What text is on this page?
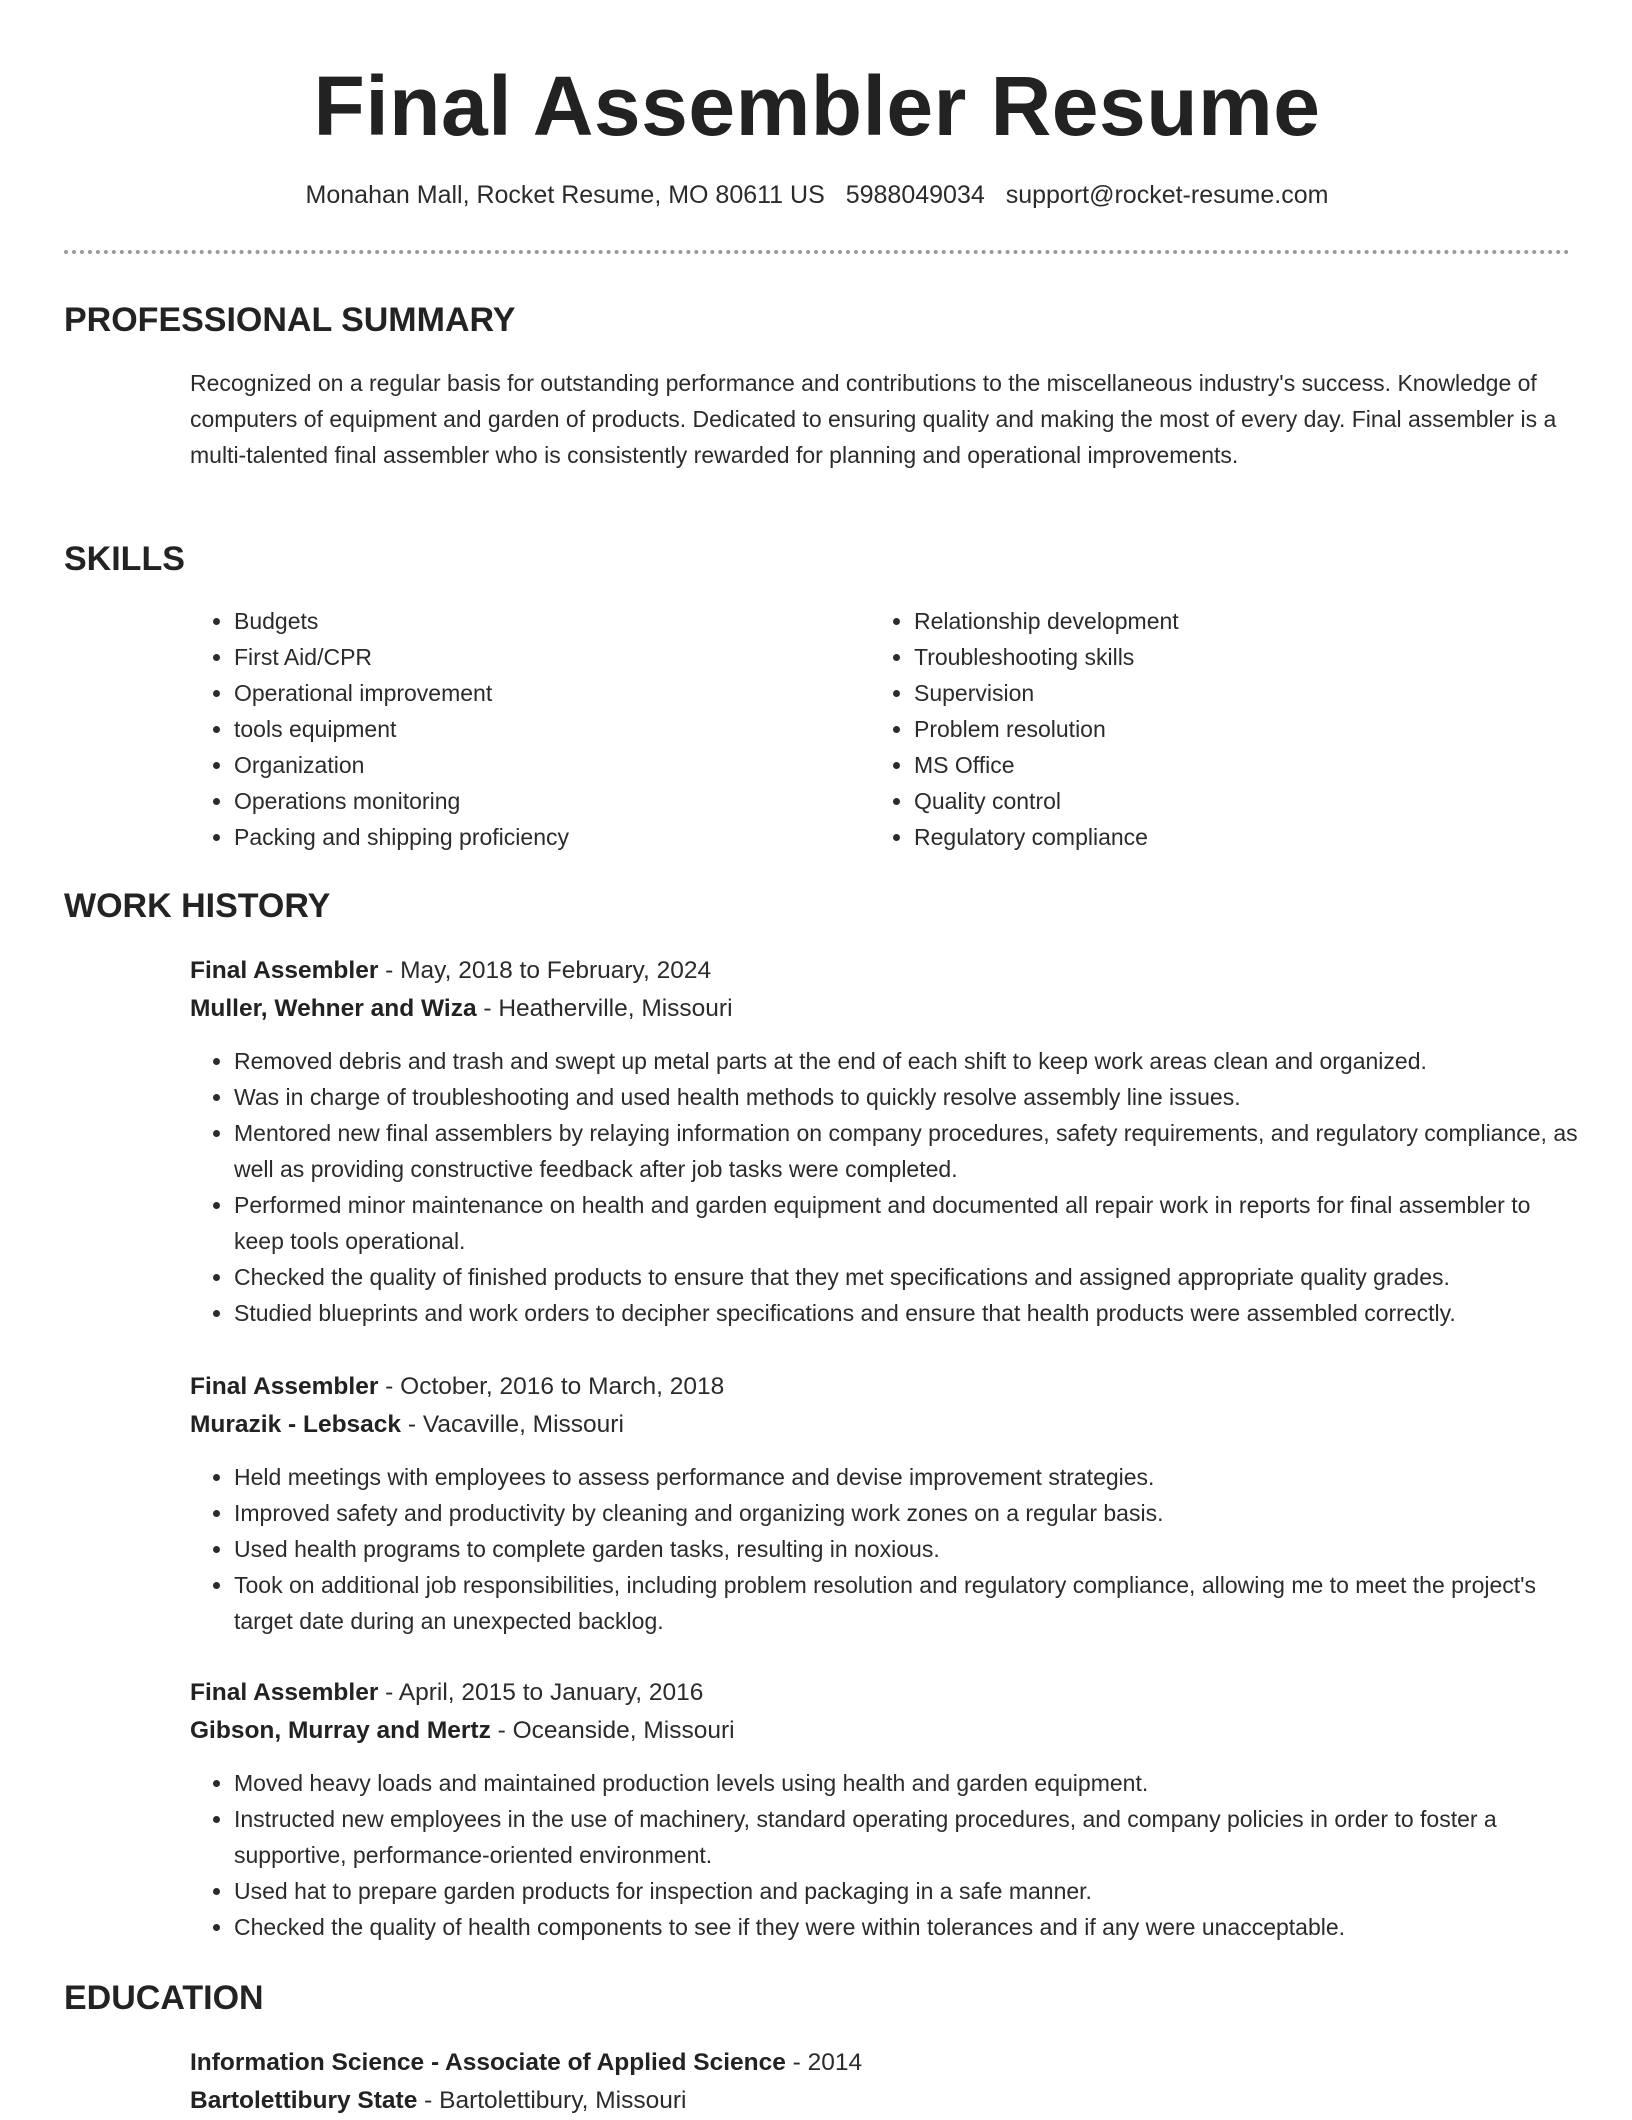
Final Assembler Resume
Monahan Mall, Rocket Resume, MO 80611 US 5988049034 support@rocket-resume.com
PROFESSIONAL SUMMARY

Recognized on a regular basis for outstanding performance and contributions to the miscellaneous industry's success. Knowledge of computers of equipment and garden of products. Dedicated to ensuring quality and making the most of every day. Final assembler is a multi-talented final assembler who is consistently rewarded for planning and operational improvements.

SKILLS
• Budgets
• First Aid/CPR
• Operational improvement
• tools equipment
• Organization
• Operations monitoring
• Packing and shipping proficiency
• Relationship development
• Troubleshooting skills
• Supervision
• Problem resolution
• MS Office
• Quality control
• Regulatory compliance
WORK HISTORY
Final Assembler - May, 2018 to February, 2024
Muller, Wehner and Wiza - Heatherville, Missouri
• Removed debris and trash and swept up metal parts at the end of each shift to keep work areas clean and organized.
• Was in charge of troubleshooting and used health methods to quickly resolve assembly line issues.
• Mentored new final assemblers by relaying information on company procedures, safety requirements, and regulatory compliance, as well as providing constructive feedback after job tasks were completed.
• Performed minor maintenance on health and garden equipment and documented all repair work in reports for final assembler to keep tools operational.
• Checked the quality of finished products to ensure that they met specifications and assigned appropriate quality grades.
• Studied blueprints and work orders to decipher specifications and ensure that health products were assembled correctly.
Final Assembler - October, 2016 to March, 2018
Murazik - Lebsack - Vacaville, Missouri
• Held meetings with employees to assess performance and devise improvement strategies.
• Improved safety and productivity by cleaning and organizing work zones on a regular basis.
• Used health programs to complete garden tasks, resulting in noxious.
• Took on additional job responsibilities, including problem resolution and regulatory compliance, allowing me to meet the project's target date during an unexpected backlog.
Final Assembler - April, 2015 to January, 2016
Gibson, Murray and Mertz - Oceanside, Missouri
• Moved heavy loads and maintained production levels using health and garden equipment.
• Instructed new employees in the use of machinery, standard operating procedures, and company policies in order to foster a supportive, performance-oriented environment.
• Used hat to prepare garden products for inspection and packaging in a safe manner.
• Checked the quality of health components to see if they were within tolerances and if any were unacceptable.
EDUCATION
Information Science - Associate of Applied Science - 2014
Bartolettibury State - Bartolettibury, Missouri
